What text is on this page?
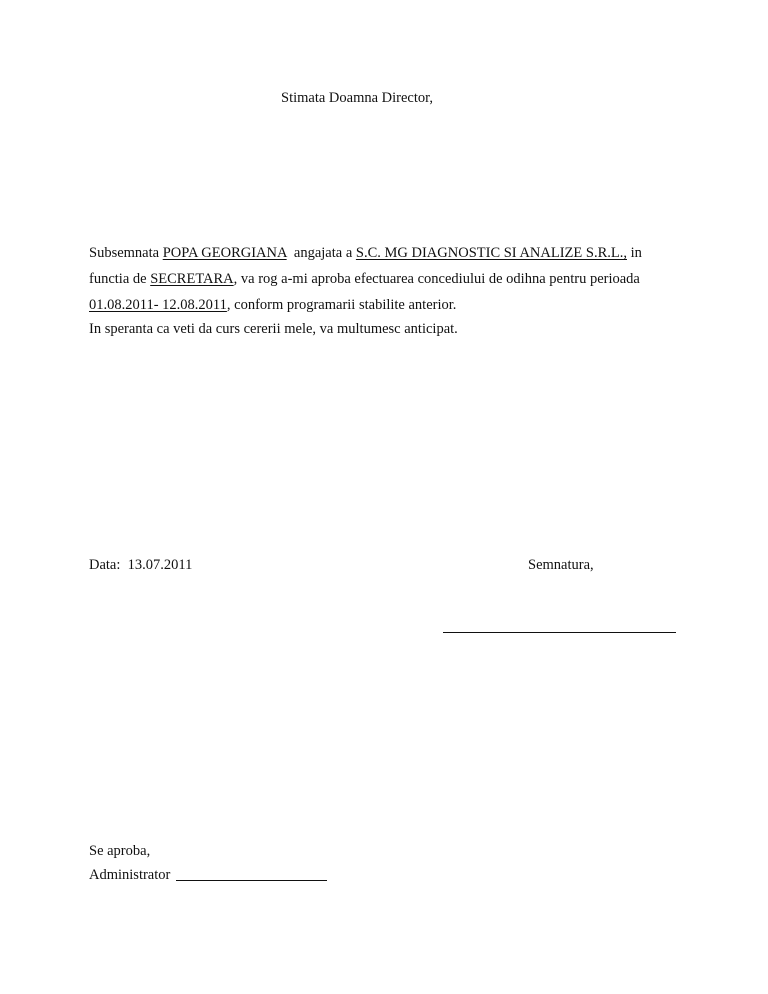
Stimata Doamna Director,
Subsemnata POPA GEORGIANA  angajata a S.C. MG DIAGNOSTIC SI ANALIZE S.R.L., in
functia de SECRETARA, va rog a-mi aproba efectuarea concediului de odihna pentru perioada
01.08.2011- 12.08.2011, conform programarii stabilite anterior.
In speranta ca veti da curs cererii mele, va multumesc anticipat.
Data: 13.07.2011	Semnatura,
Se aproba,
Administrator
